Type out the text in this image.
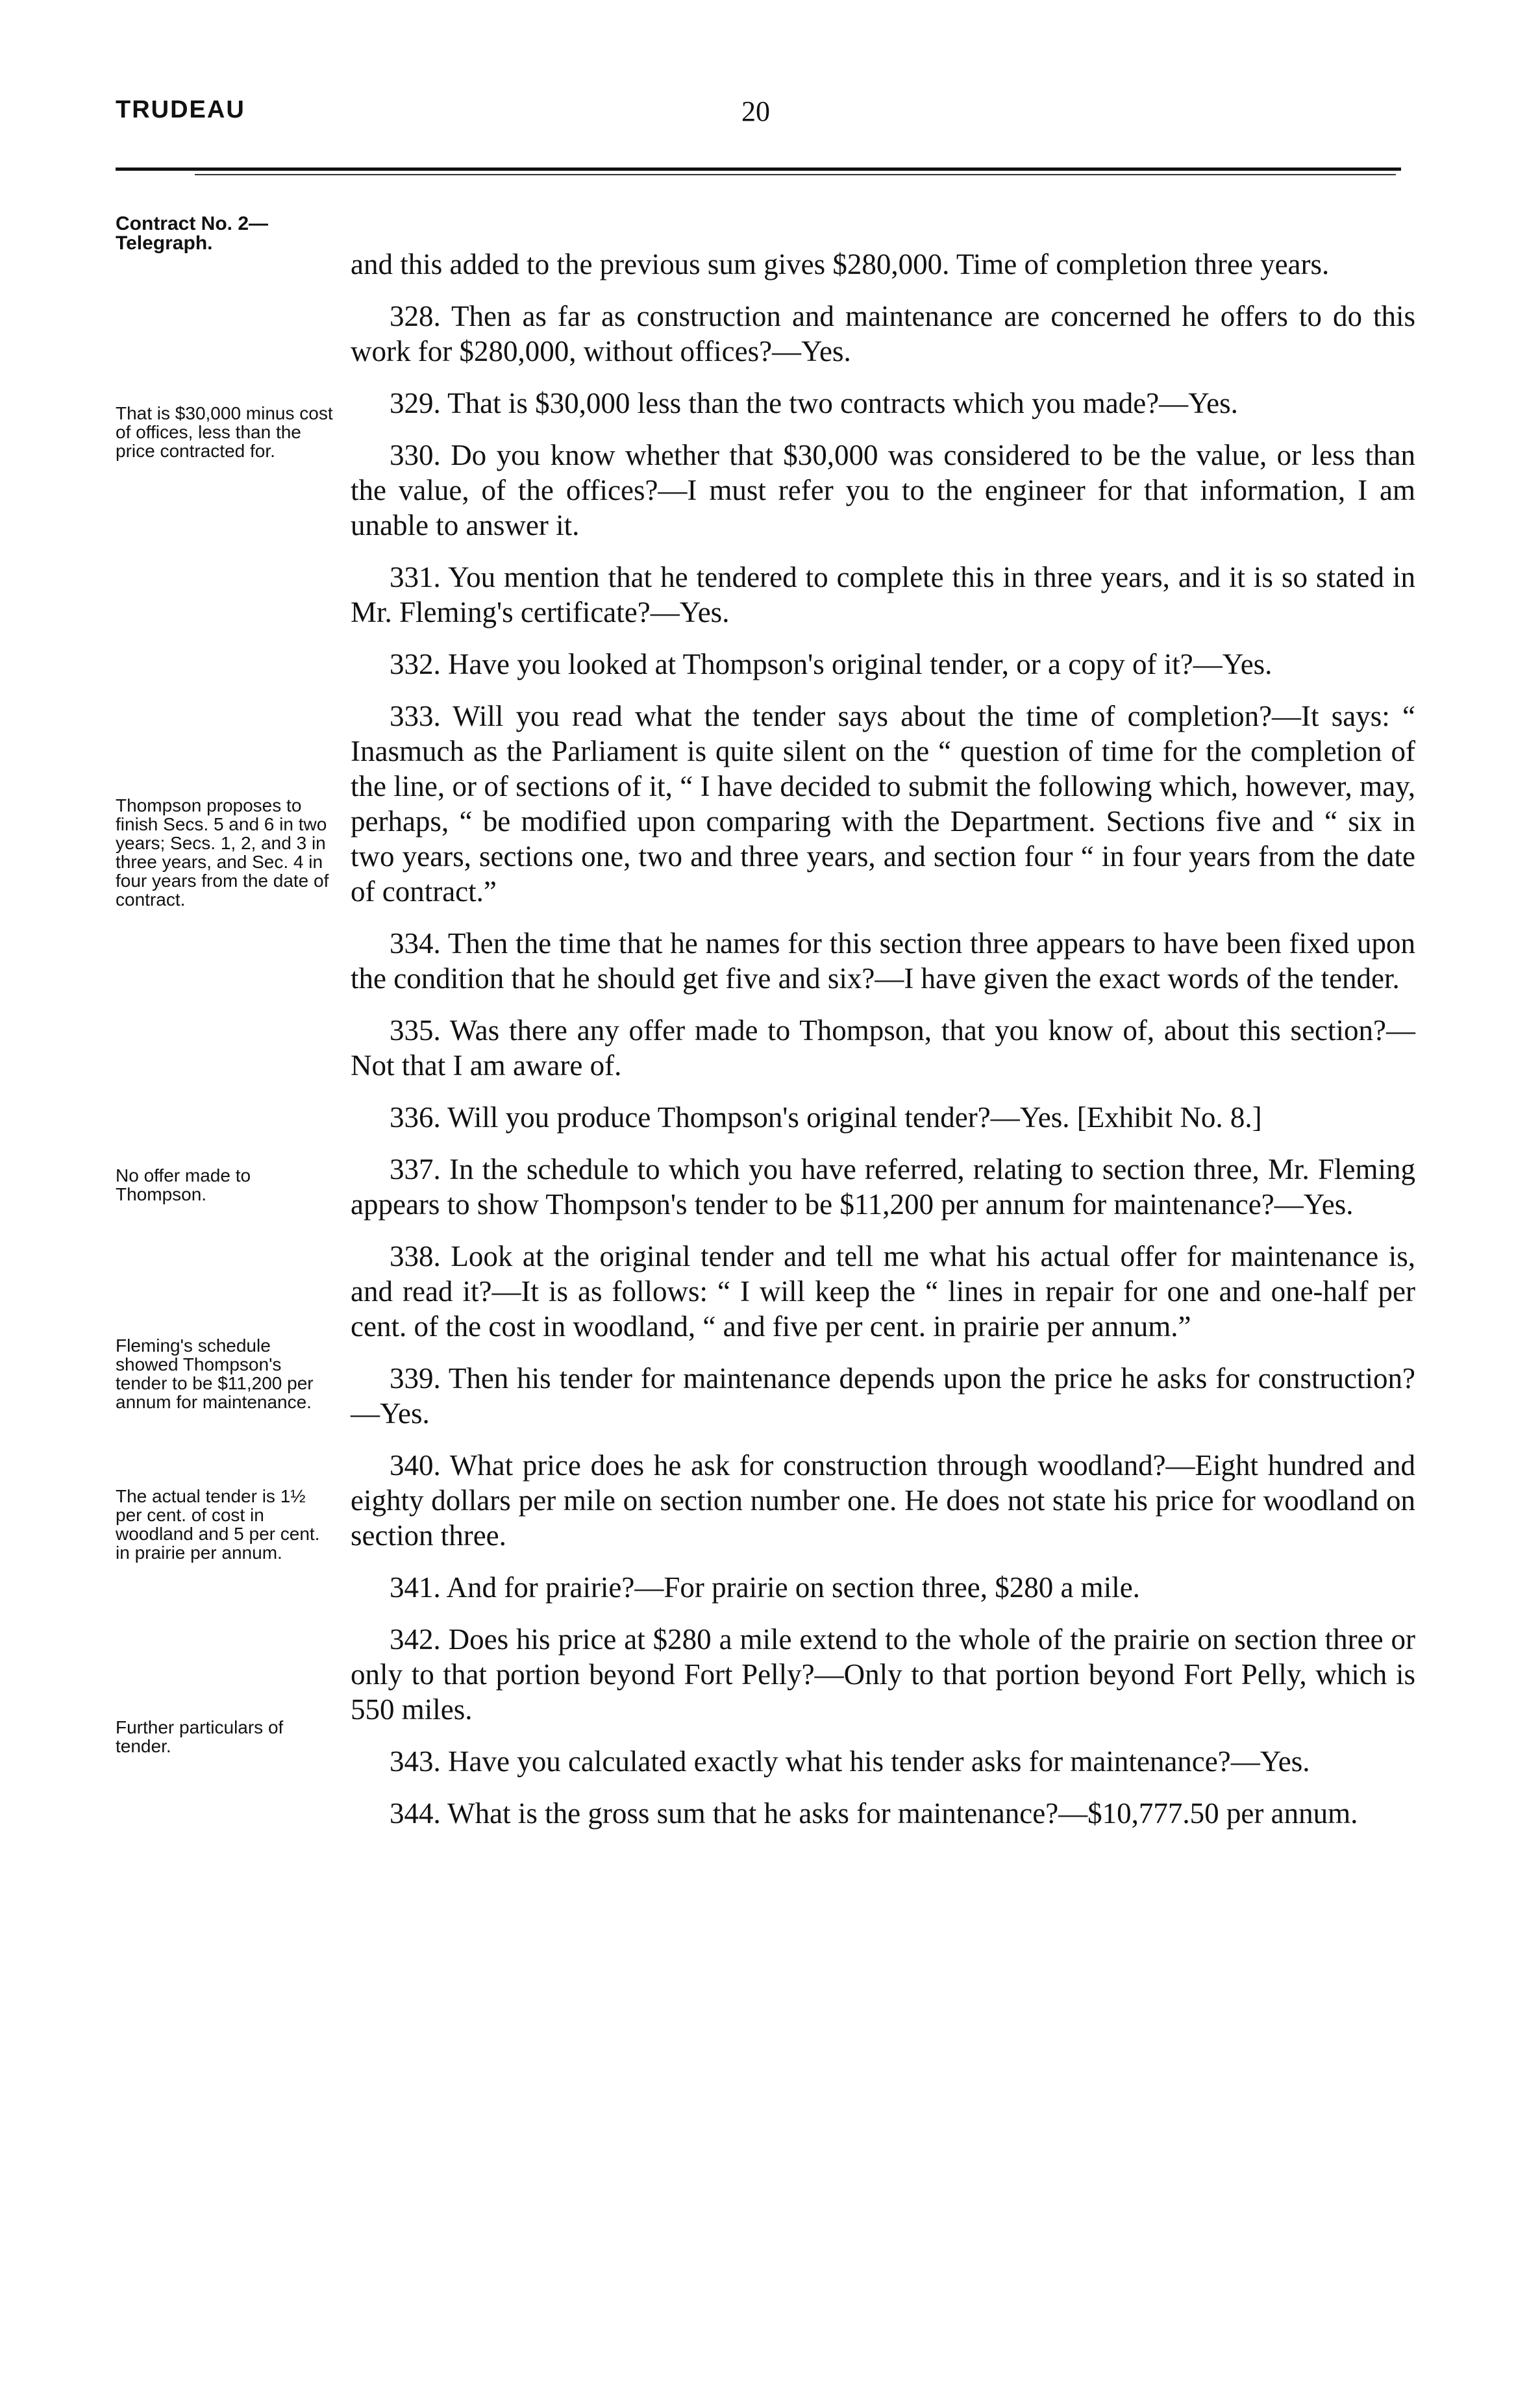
TRUDEAU	20
Contract No. 2— Telegraph.
That is $30,000 minus cost of offices, less than the price contracted for.
Thompson proposes to finish Secs. 5 and 6 in two years; Secs. 1, 2, and 3 in three years, and Sec. 4 in four years from the date of contract.
No offer made to Thompson.
Fleming's schedule showed Thompson's tender to be $11,200 per annum for maintenance.
The actual tender is 1½ per cent. of cost in woodland and 5 per cent. in prairie per annum.
Further particulars of tender.

and this added to the previous sum gives $280,000. Time of completion three years.

328. Then as far as construction and maintenance are concerned he offers to do this work for $280,000, without offices?—Yes.

329. That is $30,000 less than the two contracts which you made?—Yes.

330. Do you know whether that $30,000 was considered to be the value, or less than the value, of the offices?—I must refer you to the engineer for that information, I am unable to answer it.

331. You mention that he tendered to complete this in three years, and it is so stated in Mr. Fleming's certificate?—Yes.

332. Have you looked at Thompson's original tender, or a copy of it?—Yes.

333. Will you read what the tender says about the time of completion?—It says: “ Inasmuch as the Parliament is quite silent on the “ question of time for the completion of the line, or of sections of it, “ I have decided to submit the following which, however, may, perhaps, “ be modified upon comparing with the Department. Sections five and “ six in two years, sections one, two and three years, and section four “ in four years from the date of contract.”

334. Then the time that he names for this section three appears to have been fixed upon the condition that he should get five and six?—I have given the exact words of the tender.

335. Was there any offer made to Thompson, that you know of, about this section?—Not that I am aware of.

336. Will you produce Thompson's original tender?—Yes. [Exhibit No. 8.]

337. In the schedule to which you have referred, relating to section three, Mr. Fleming appears to show Thompson's tender to be $11,200 per annum for maintenance?—Yes.

338. Look at the original tender and tell me what his actual offer for maintenance is, and read it?—It is as follows: “ I will keep the “ lines in repair for one and one-half per cent. of the cost in woodland, “ and five per cent. in prairie per annum.”

339. Then his tender for maintenance depends upon the price he asks for construction?—Yes.

340. What price does he ask for construction through woodland?—Eight hundred and eighty dollars per mile on section number one. He does not state his price for woodland on section three.

341. And for prairie?—For prairie on section three, $280 a mile.

342. Does his price at $280 a mile extend to the whole of the prairie on section three or only to that portion beyond Fort Pelly?—Only to that portion beyond Fort Pelly, which is 550 miles.

343. Have you calculated exactly what his tender asks for maintenance?—Yes.

344. What is the gross sum that he asks for maintenance?—$10,777.50 per annum.
